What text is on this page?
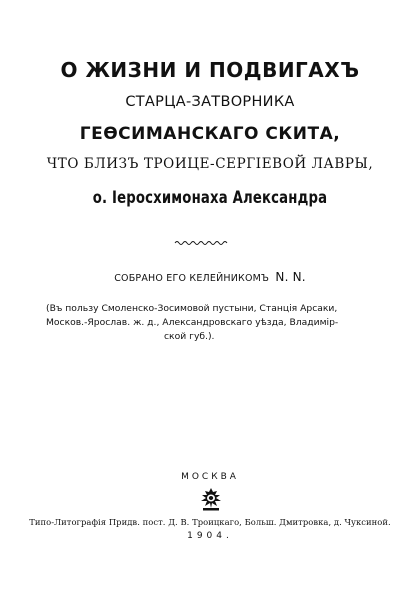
О ЖИЗНИ И ПОДВИГАХЪ
СТАРЦА-ЗАТВОРНИКА
ГЕѲСИМАНСКАГО СКИТА,
ЧТО БЛИЗЪ ТРОИЦЕ-СЕРГІЕВОЙ ЛАВРЫ,
о. Іеросхимонаха Александра
СОБРАНО ЕГО КЕЛЕЙНИКОМЪ N. N.
(Въ пользу Смоленско-Зосимовой пустыни, Станція Арсаки,
Москов.-Ярослав. ж. д., Александровскаго уѣзда, Владимір-
ской губ.).
МОСКВА
Типо-Литографія Придв. пост. Д. В. Троицкаго, Больш. Дмитровка, д. Чуксиной.
1904.
